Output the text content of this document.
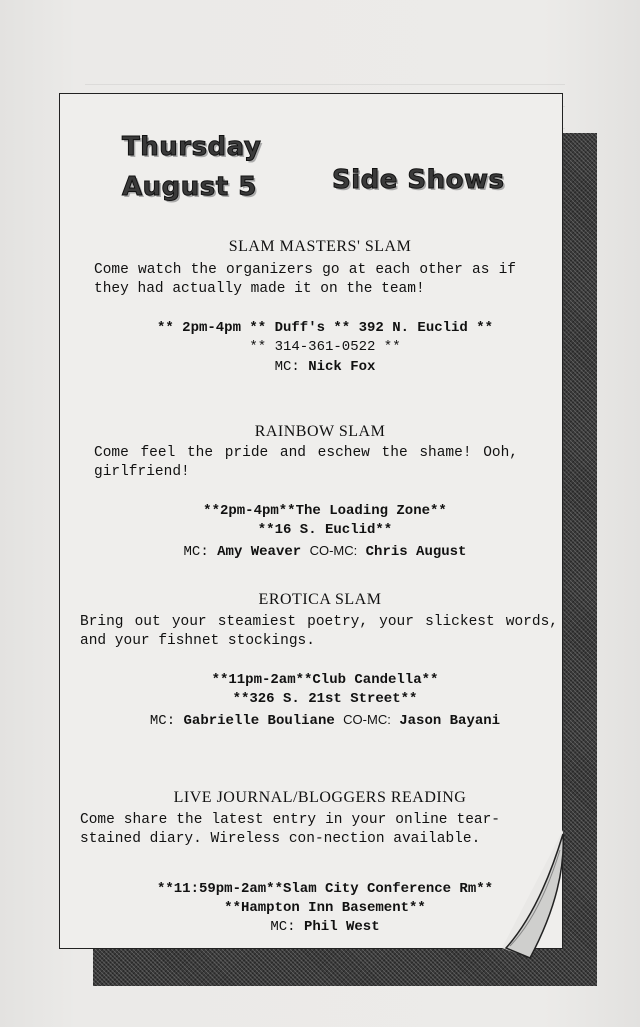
Thursday
August 5	Side Shows
SLAM MASTERS' SLAM

Come watch the organizers go at each other as if they had actually made it on the team!

** 2pm-4pm ** Duff's ** 392 N. Euclid **
** 314-361-0522 **
MC: Nick Fox
RAINBOW SLAM

Come feel the pride and eschew the shame! Ooh, girlfriend!

**2pm-4pm**The Loading Zone**
**16 S. Euclid**
MC: Amy Weaver CO-MC: Chris August
EROTICA SLAM

Bring out your steamiest poetry, your slickest words, and your fishnet stockings.

**11pm-2am**Club Candella**
**326 S. 21st Street**
MC: Gabrielle Bouliane CO-MC: Jason Bayani
LIVE JOURNAL/BLOGGERS READING

Come share the latest entry in your online tear-stained diary. Wireless con-nection available.

**11:59pm-2am**Slam City Conference Rm**
**Hampton Inn Basement**
MC: Phil West
